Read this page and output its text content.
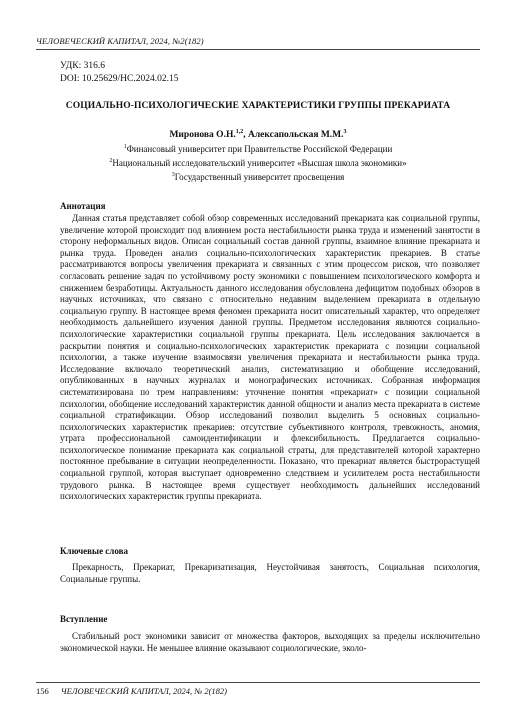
ЧЕЛОВЕЧЕСКИЙ КАПИТАЛ, 2024, №2(182)
УДК: 316.6
DOI: 10.25629/HC.2024.02.15
СОЦИАЛЬНО-ПСИХОЛОГИЧЕСКИЕ ХАРАКТЕРИСТИКИ ГРУППЫ ПРЕКАРИАТА
Миронова О.Н.$^{1,2}$, Алексапольская М.М.$^3$
$^1$Финансовый университет при Правительстве Российской Федерации
$^2$Национальный исследовательский университет «Высшая школа экономики»
$^3$Государственный университет просвещения
Аннотация

Данная статья представляет собой обзор современных исследований прекариата как социальной группы, увеличение которой происходит под влиянием роста нестабильности рынка труда и изменений занятости в сторону неформальных видов. Описан социальный состав данной группы, взаимное влияние прекариата и рынка труда. Проведен анализ социально-психологических характеристик прекариев. В статье рассматриваются вопросы увеличения прекариата и связанных с этим процессом рисков, что позволяет согласовать решение задач по устойчивому росту экономики с повышением психологического комфорта и снижением безработицы. Актуальность данного исследования обусловлена дефицитом подобных обзоров в научных источниках, что связано с относительно недавним выделением прекариата в отдельную социальную группу. В настоящее время феномен прекариата носит описательный характер, что определяет необходимость дальнейшего изучения данной группы. Предметом исследования являются социально-психологические характеристики социальной группы прекариата. Цель исследования заключается в раскрытии понятия и социально-психологических характеристик прекариата с позиции социальной психологии, а также изучение взаимосвязи увеличения прекариата и нестабильности рынка труда. Исследование включало теоретический анализ, систематизацию и обобщение исследований, опубликованных в научных журналах и монографических источниках. Собранная информация систематизирована по трем направлениям: уточнение понятия «прекариат» с позиции социальной психологии, обобщение исследований характеристик данной общности и анализ места прекариата в системе социальной стратификации. Обзор исследований позволил выделить 5 основных социально-психологических характеристик прекариев: отсутствие субъективного контроля, тревожность, аномия, утрата профессиональной самоидентификации и флексибильность. Предлагается социально-психологическое понимание прекариата как социальной страты, для представителей которой характерно постоянное пребывание в ситуации неопределенности. Показано, что прекариат является быстрорастущей социальной группой, которая выступает одновременно следствием и усилителем роста нестабильности трудового рынка. В настоящее время существует необходимость дальнейших исследований психологических характеристик группы прекариата.

Ключевые слова

Прекарность, Прекариат, Прекаризатизация, Неустойчивая занятость, Социальная психология, Социальные группы.

Вступление

Стабильный рост экономики зависит от множества факторов, выходящих за пределы исключительно экономической науки. Не меньшее влияние оказывают социологические, эколо-

156 ЧЕЛОВЕЧЕСКИЙ КАПИТАЛ, 2024, № 2(182)
